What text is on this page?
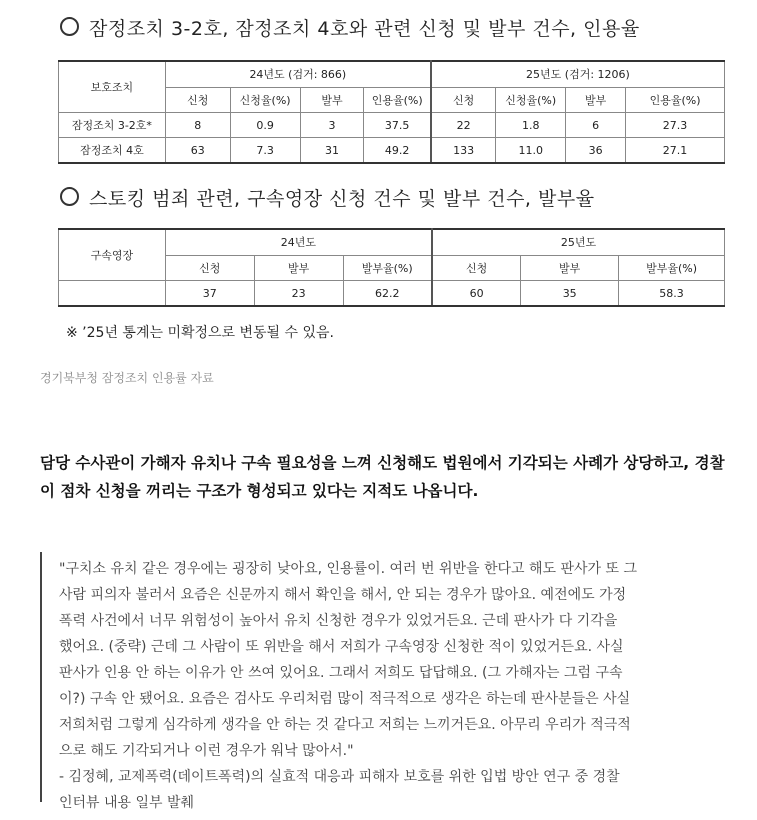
잠정조치 3-2호, 잠정조치 4호와 관련 신청 및 발부 건수, 인용율
보호조치	24년도 (검거: 866)				25년도 (검거: 1206)			
	신청	신청율(%)	발부	인용율(%)	신청	신청율(%)	발부	인용율(%)
잠정조치 3-2호*	8	0.9	3	37.5	22	1.8	6	27.3
잠정조치 4호	63	7.3	31	49.2	133	11.0	36	27.1
스토킹 범죄 관련, 구속영장 신청 건수 및 발부 건수, 발부율
구속영장	24년도			25년도		
	신청	발부	발부율(%)	신청	발부	발부율(%)
	37	23	62.2	60	35	58.3
※ ’25년 통계는 미확정으로 변동될 수 있음.
경기북부청 잠정조치 인용률 자료
담당 수사관이 가해자 유치나 구속 필요성을 느껴 신청해도 법원에서 기각되는 사례가 상당하고, 경찰이 점차 신청을 꺼리는 구조가 형성되고 있다는 지적도 나옵니다.
"구치소 유치 같은 경우에는 굉장히 낮아요, 인용률이. 여러 번 위반을 한다고 해도 판사가 또 그
사람 피의자 불러서 요즘은 신문까지 해서 확인을 해서, 안 되는 경우가 많아요. 예전에도 가정
폭력 사건에서 너무 위험성이 높아서 유치 신청한 경우가 있었거든요. 근데 판사가 다 기각을
했어요. (중략) 근데 그 사람이 또 위반을 해서 저희가 구속영장 신청한 적이 있었거든요. 사실
판사가 인용 안 하는 이유가 안 쓰여 있어요. 그래서 저희도 답답해요. (그 가해자는 그럼 구속
이?) 구속 안 됐어요. 요즘은 검사도 우리처럼 많이 적극적으로 생각은 하는데 판사분들은 사실
저희처럼 그렇게 심각하게 생각을 안 하는 것 같다고 저희는 느끼거든요. 아무리 우리가 적극적
으로 해도 기각되거나 이런 경우가 워낙 많아서."
- 김정혜, 교제폭력(데이트폭력)의 실효적 대응과 피해자 보호를 위한 입법 방안 연구 중 경찰
인터뷰 내용 일부 발췌
